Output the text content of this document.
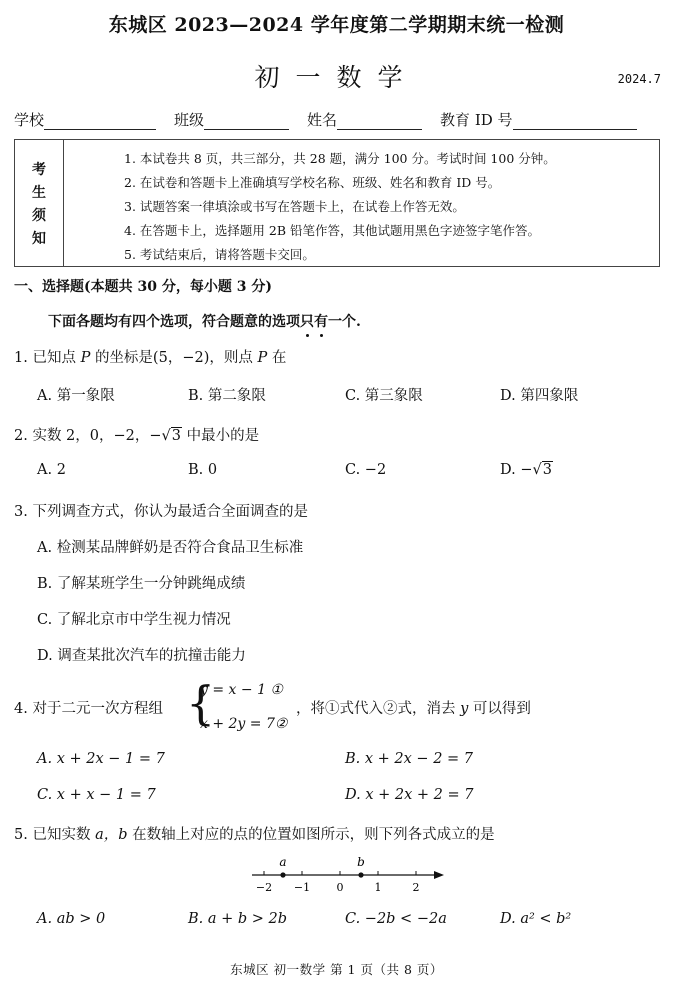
东城区 2023—2024 学年度第二学期期末统一检测
初一数学	2024.7
学校	班级	姓名	教育 ID 号
考
生
须
知
1. 本试卷共 8 页，共三部分，共 28 题，满分 100 分。考试时间 100 分钟。
2. 在试卷和答题卡上准确填写学校名称、班级、姓名和教育 ID 号。
3. 试题答案一律填涂或书写在答题卡上，在试卷上作答无效。
4. 在答题卡上，选择题用 2B 铅笔作答，其他试题用黑色字迹签字笔作答。
5. 考试结束后，请将答题卡交回。
一、选择题(本题共 30 分，每小题 3 分)
下面各题均有四个选项，符合题意的选项只有一个.
1. 已知点 P 的坐标是(5，−2)，则点 P 在
A. 第一象限	B. 第二象限	C. 第三象限	D. 第四象限
2. 实数 2，0，−2，−√3 中最小的是
A. 2	B. 0	C. −2	D. −√3
3. 下列调查方式，你认为最适合全面调查的是
A. 检测某品牌鲜奶是否符合食品卫生标准
B. 了解某班学生一分钟跳绳成绩
C. 了解北京市中学生视力情况
D. 调查某批次汽车的抗撞击能力
4. 对于二元一次方程组 {
y = x − 1 ①
x + 2y = 7②
，将①式代入②式，消去 y 可以得到
A. x + 2x − 1 = 7	B. x + 2x − 2 = 7
C. x + x − 1 = 7	D. x + 2x + 2 = 7
5. 已知实数 a，b 在数轴上对应的点的位置如图所示，则下列各式成立的是
a	b
−2 −1 0	1	2
A. ab > 0	B. a + b > 2b	C. −2b < −2a	D. a² < b²
东城区 初一数学 第 1 页（共 8 页）
